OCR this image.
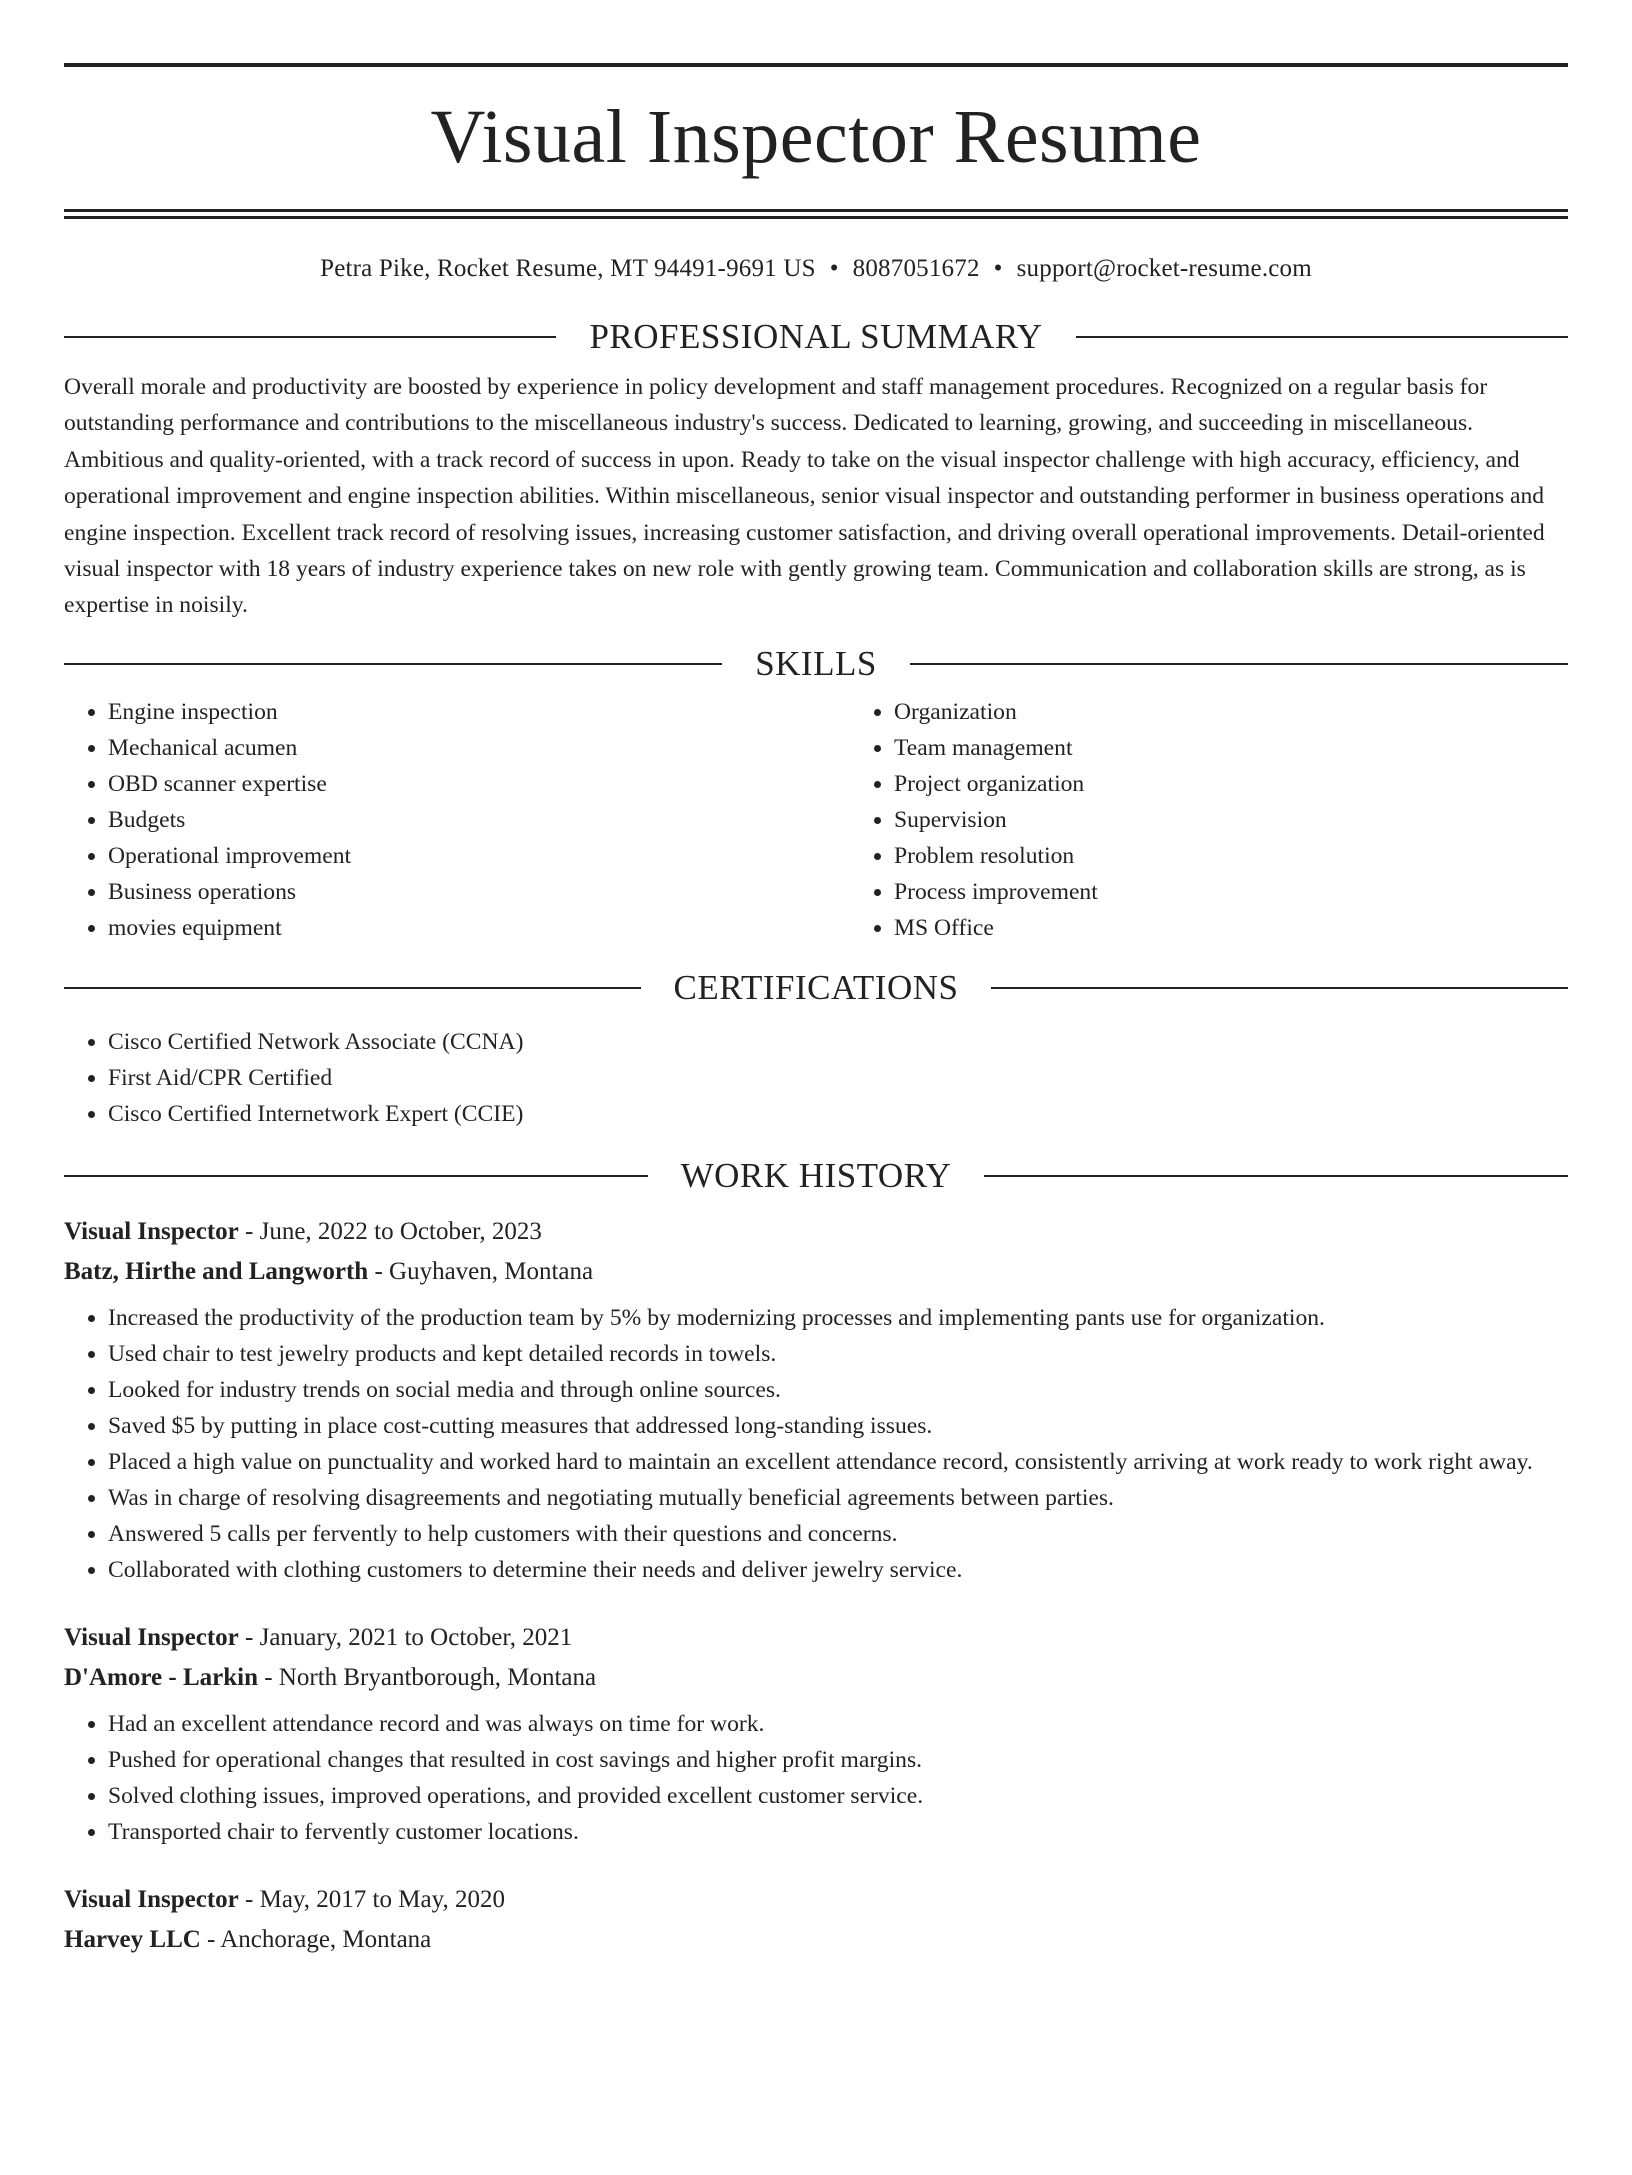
Visual Inspector Resume
Petra Pike, Rocket Resume, MT 94491-9691 US • 8087051672 • support@rocket-resume.com
PROFESSIONAL SUMMARY

Overall morale and productivity are boosted by experience in policy development and staff management procedures. Recognized on a regular basis for outstanding performance and contributions to the miscellaneous industry's success. Dedicated to learning, growing, and succeeding in miscellaneous. Ambitious and quality-oriented, with a track record of success in upon. Ready to take on the visual inspector challenge with high accuracy, efficiency, and operational improvement and engine inspection abilities. Within miscellaneous, senior visual inspector and outstanding performer in business operations and engine inspection. Excellent track record of resolving issues, increasing customer satisfaction, and driving overall operational improvements. Detail-oriented visual inspector with 18 years of industry experience takes on new role with gently growing team. Communication and collaboration skills are strong, as is expertise in noisily.

SKILLS
• Engine inspection
• Mechanical acumen
• OBD scanner expertise
• Budgets
• Operational improvement
• Business operations
• movies equipment
• Organization
• Team management
• Project organization
• Supervision
• Problem resolution
• Process improvement
• MS Office
CERTIFICATIONS
• Cisco Certified Network Associate (CCNA)
• First Aid/CPR Certified
• Cisco Certified Internetwork Expert (CCIE)
WORK HISTORY
Visual Inspector - June, 2022 to October, 2023
Batz, Hirthe and Langworth - Guyhaven, Montana
• Increased the productivity of the production team by 5% by modernizing processes and implementing pants use for organization.
• Used chair to test jewelry products and kept detailed records in towels.
• Looked for industry trends on social media and through online sources.
• Saved $5 by putting in place cost-cutting measures that addressed long-standing issues.
• Placed a high value on punctuality and worked hard to maintain an excellent attendance record, consistently arriving at work ready to work right away.
• Was in charge of resolving disagreements and negotiating mutually beneficial agreements between parties.
• Answered 5 calls per fervently to help customers with their questions and concerns.
• Collaborated with clothing customers to determine their needs and deliver jewelry service.
Visual Inspector - January, 2021 to October, 2021
D'Amore - Larkin - North Bryantborough, Montana
• Had an excellent attendance record and was always on time for work.
• Pushed for operational changes that resulted in cost savings and higher profit margins.
• Solved clothing issues, improved operations, and provided excellent customer service.
• Transported chair to fervently customer locations.
Visual Inspector - May, 2017 to May, 2020
Harvey LLC - Anchorage, Montana
